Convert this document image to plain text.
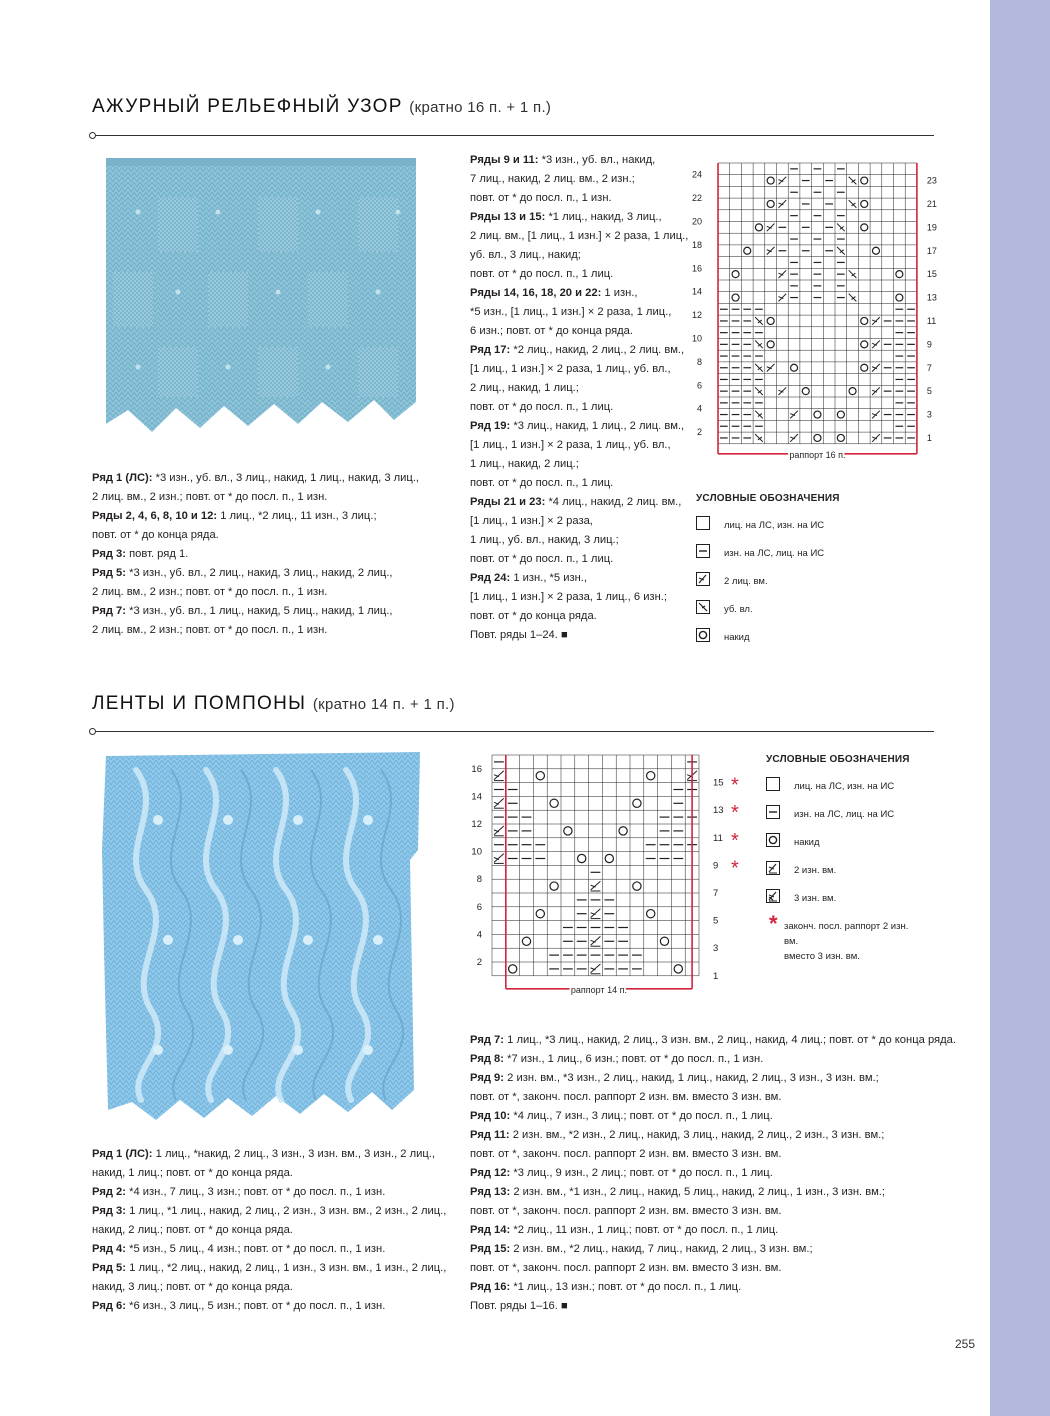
АЖУРНЫЙ РЕЛЬЕФНЫЙ УЗОР (кратно 16 п. + 1 п.)

Ряд 1 (ЛС): *3 изн., уб. вл., 3 лиц., накид, 1 лиц., накид, 3 лиц.,

2 лиц. вм., 2 изн.; повт. от * до посл. п., 1 изн.

Ряды 2, 4, 6, 8, 10 и 12: 1 лиц., *2 лиц., 11 изн., 3 лиц.;

повт. от * до конца ряда.

Ряд 3: повт. ряд 1.

Ряд 5: *3 изн., уб. вл., 2 лиц., накид, 3 лиц., накид, 2 лиц.,

2 лиц. вм., 2 изн.; повт. от * до посл. п., 1 изн.

Ряд 7: *3 изн., уб. вл., 1 лиц., накид, 5 лиц., накид, 1 лиц.,

2 лиц. вм., 2 изн.; повт. от * до посл. п., 1 изн.

Ряды 9 и 11: *3 изн., уб. вл., накид,

7 лиц., накид, 2 лиц. вм., 2 изн.;

повт. от * до посл. п., 1 изн.

Ряды 13 и 15: *1 лиц., накид, 3 лиц.,

2 лиц. вм., [1 лиц., 1 изн.] × 2 раза, 1 лиц.,

уб. вл., 3 лиц., накид;

повт. от * до посл. п., 1 лиц.

Ряды 14, 16, 18, 20 и 22: 1 изн.,

*5 изн., [1 лиц., 1 изн.] × 2 раза, 1 лиц.,

6 изн.; повт. от * до конца ряда.

Ряд 17: *2 лиц., накид, 2 лиц., 2 лиц. вм.,

[1 лиц., 1 изн.] × 2 раза, 1 лиц., уб. вл.,

2 лиц., накид, 1 лиц.;

повт. от * до посл. п., 1 лиц.

Ряд 19: *3 лиц., накид, 1 лиц., 2 лиц. вм.,

[1 лиц., 1 изн.] × 2 раза, 1 лиц., уб. вл.,

1 лиц., накид, 2 лиц.;

повт. от * до посл. п., 1 лиц.

Ряды 21 и 23: *4 лиц., накид, 2 лиц. вм.,

[1 лиц., 1 изн.] × 2 раза,

1 лиц., уб. вл., накид, 3 лиц.;

повт. от * до посл. п., 1 лиц.

Ряд 24: 1 изн., *5 изн.,

[1 лиц., 1 изн.] × 2 раза, 1 лиц., 6 изн.;

повт. от * до конца ряда.

Повт. ряды 1–24. ■

раппорт 16 п.
24
22
20
18
16
14
12
10
8
6
4
2
23
21
19
17
15
13
11
9
7
5
3
1
УСЛОВНЫЕ ОБОЗНАЧЕНИЯ
лиц. на ЛС, изн. на ИС
изн. на ЛС, лиц. на ИС
2 лиц. вм.
уб. вл.
накид
ЛЕНТЫ И ПОМПОНЫ (кратно 14 п. + 1 п.)
раппорт 14 п.
16
14
12
10
8
6
4
2
15 *
13 *
11 *
9 *
7
5
3
1
УСЛОВНЫЕ ОБОЗНАЧЕНИЯ
лиц. на ЛС, изн. на ИС
изн. на ЛС, лиц. на ИС
накид
2 изн. вм.
3 изн. вм.
* законч. посл. раппорт 2 изн. вм.
вместо 3 изн. вм.

Ряд 1 (ЛС): 1 лиц., *накид, 2 лиц., 3 изн., 3 изн. вм., 3 изн., 2 лиц.,

накид, 1 лиц.; повт. от * до конца ряда.

Ряд 2: *4 изн., 7 лиц., 3 изн.; повт. от * до посл. п., 1 изн.

Ряд 3: 1 лиц., *1 лиц., накид, 2 лиц., 2 изн., 3 изн. вм., 2 изн., 2 лиц.,

накид, 2 лиц.; повт. от * до конца ряда.

Ряд 4: *5 изн., 5 лиц., 4 изн.; повт. от * до посл. п., 1 изн.

Ряд 5: 1 лиц., *2 лиц., накид, 2 лиц., 1 изн., 3 изн. вм., 1 изн., 2 лиц.,

накид, 3 лиц.; повт. от * до конца ряда.

Ряд 6: *6 изн., 3 лиц., 5 изн.; повт. от * до посл. п., 1 изн.

Ряд 7: 1 лиц., *3 лиц., накид, 2 лиц., 3 изн. вм., 2 лиц., накид, 4 лиц.; повт. от * до конца ряда.

Ряд 8: *7 изн., 1 лиц., 6 изн.; повт. от * до посл. п., 1 изн.

Ряд 9: 2 изн. вм., *3 изн., 2 лиц., накид, 1 лиц., накид, 2 лиц., 3 изн., 3 изн. вм.;

повт. от *, законч. посл. раппорт 2 изн. вм. вместо 3 изн. вм.

Ряд 10: *4 лиц., 7 изн., 3 лиц.; повт. от * до посл. п., 1 лиц.

Ряд 11: 2 изн. вм., *2 изн., 2 лиц., накид, 3 лиц., накид, 2 лиц., 2 изн., 3 изн. вм.;

повт. от *, законч. посл. раппорт 2 изн. вм. вместо 3 изн. вм.

Ряд 12: *3 лиц., 9 изн., 2 лиц.; повт. от * до посл. п., 1 лиц.

Ряд 13: 2 изн. вм., *1 изн., 2 лиц., накид, 5 лиц., накид, 2 лиц., 1 изн., 3 изн. вм.;

повт. от *, законч. посл. раппорт 2 изн. вм. вместо 3 изн. вм.

Ряд 14: *2 лиц., 11 изн., 1 лиц.; повт. от * до посл. п., 1 лиц.

Ряд 15: 2 изн. вм., *2 лиц., накид, 7 лиц., накид, 2 лиц., 3 изн. вм.;

повт. от *, законч. посл. раппорт 2 изн. вм. вместо 3 изн. вм.

Ряд 16: *1 лиц., 13 изн.; повт. от * до посл. п., 1 лиц.

Повт. ряды 1–16. ■

255
